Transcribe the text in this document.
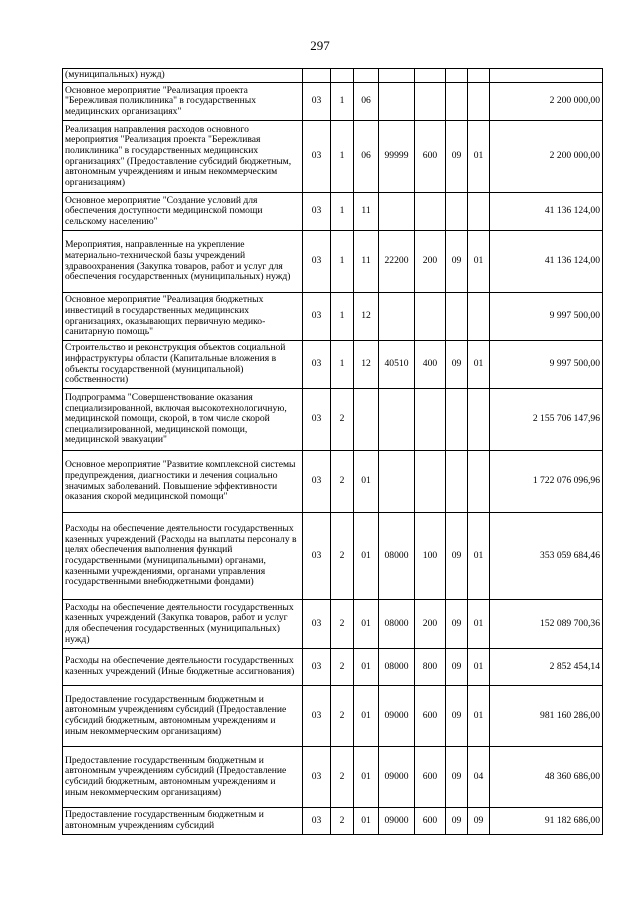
297
(муниципальных) нужд)								
Основное мероприятие "Реализация проекта "Бережливая поликлиника" в государственных медицинских организациях"	03	1	06					2 200 000,00
Реализация направления расходов основного мероприятия "Реализация проекта "Бережливая поликлиника" в государственных медицинских организациях" (Предоставление субсидий бюджетным, автономным учреждениям и иным некоммерческим организациям)	03	1	06	99999	600	09	01	2 200 000,00
Основное мероприятие "Создание условий для обеспечения доступности медицинской помощи сельскому населению"	03	1	11					41 136 124,00
Мероприятия, направленные на укрепление материально-технической базы учреждений здравоохранения (Закупка товаров, работ и услуг для обеспечения государственных (муниципальных) нужд)	03	1	11	22200	200	09	01	41 136 124,00
Основное мероприятие "Реализация бюджетных инвестиций в государственных медицинских организациях, оказывающих первичную медико-санитарную помощь"	03	1	12					9 997 500,00
Строительство и реконструкция объектов социальной инфраструктуры области (Капитальные вложения в объекты государственной (муниципальной) собственности)	03	1	12	40510	400	09	01	9 997 500,00
Подпрограмма "Совершенствование оказания специализированной, включая высокотехнологичную, медицинской помощи, скорой, в том числе скорой специализированной, медицинской помощи, медицинской эвакуации"	03	2						2 155 706 147,96
Основное мероприятие "Развитие комплексной системы предупреждения, диагностики и лечения социально значимых заболеваний. Повышение эффективности оказания скорой медицинской помощи"	03	2	01					1 722 076 096,96
Расходы на обеспечение деятельности государственных казенных учреждений (Расходы на выплаты персоналу в целях обеспечения выполнения функций государственными (муниципальными) органами, казенными учреждениями, органами управления государственными внебюджетными фондами)	03	2	01	08000	100	09	01	353 059 684,46
Расходы на обеспечение деятельности государственных казенных учреждений (Закупка товаров, работ и услуг для обеспечения государственных (муниципальных) нужд)	03	2	01	08000	200	09	01	152 089 700,36
Расходы на обеспечение деятельности государственных казенных учреждений (Иные бюджетные ассигнования)	03	2	01	08000	800	09	01	2 852 454,14
Предоставление государственным бюджетным и автономным учреждениям субсидий (Предоставление субсидий бюджетным, автономным учреждениям и иным некоммерческим организациям)	03	2	01	09000	600	09	01	981 160 286,00
Предоставление государственным бюджетным и автономным учреждениям субсидий (Предоставление субсидий бюджетным, автономным учреждениям и иным некоммерческим организациям)	03	2	01	09000	600	09	04	48 360 686,00
Предоставление государственным бюджетным и автономным учреждениям субсидий	03	2	01	09000	600	09	09	91 182 686,00
